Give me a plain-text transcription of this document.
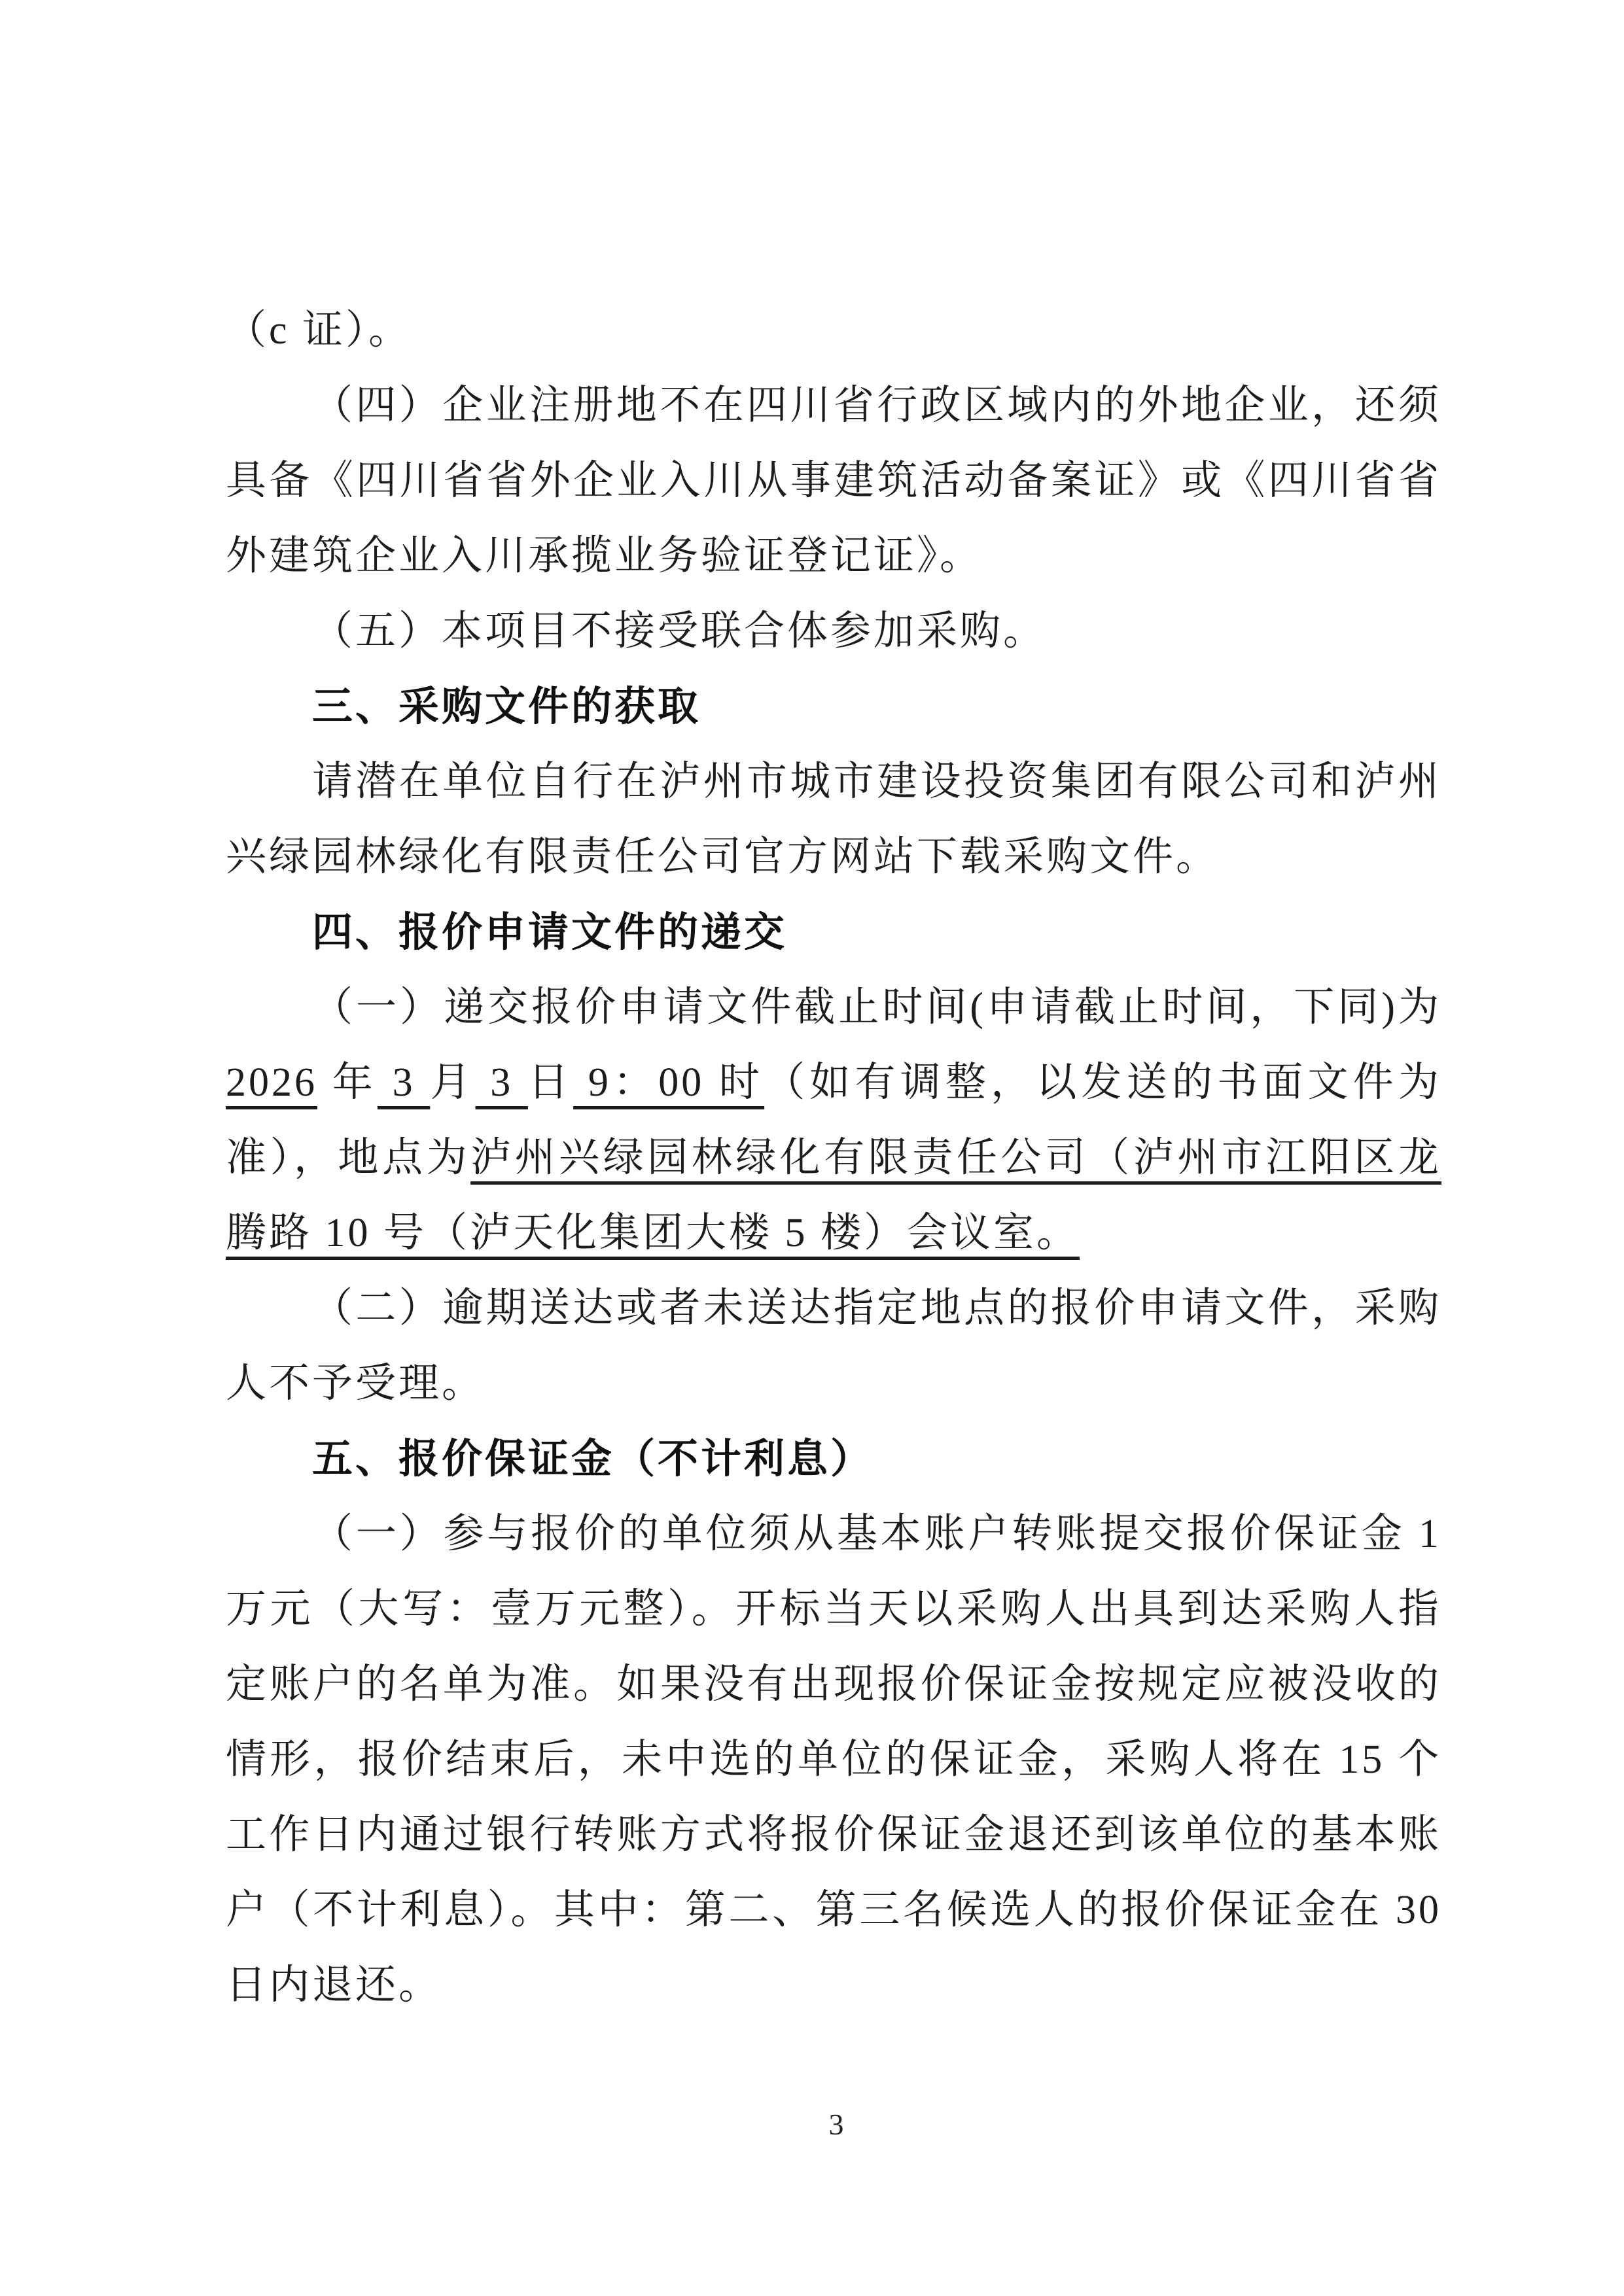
（c 证）。

（四）企业注册地不在四川省行政区域内的外地企业，还须具备《四川省省外企业入川从事建筑活动备案证》或《四川省省外建筑企业入川承揽业务验证登记证》。

（五）本项目不接受联合体参加采购。

三、采购文件的获取

请潜在单位自行在泸州市城市建设投资集团有限公司和泸州兴绿园林绿化有限责任公司官方网站下载采购文件。

四、报价申请文件的递交

（一）递交报价申请文件截止时间(申请截止时间，下同)为2026 年 3 月 3 日 9：00 时（如有调整，以发送的书面文件为准），地点为泸州兴绿园林绿化有限责任公司（泸州市江阳区龙腾路 10 号（泸天化集团大楼 5 楼）会议室。

（二）逾期送达或者未送达指定地点的报价申请文件，采购人不予受理。

五、报价保证金（不计利息）

（一）参与报价的单位须从基本账户转账提交报价保证金 1 万元（大写：壹万元整）。开标当天以采购人出具到达采购人指定账户的名单为准。如果没有出现报价保证金按规定应被没收的情形，报价结束后，未中选的单位的保证金，采购人将在 15 个工作日内通过银行转账方式将报价保证金退还到该单位的基本账户（不计利息）。其中：第二、第三名候选人的报价保证金在 30 日内退还。

3
